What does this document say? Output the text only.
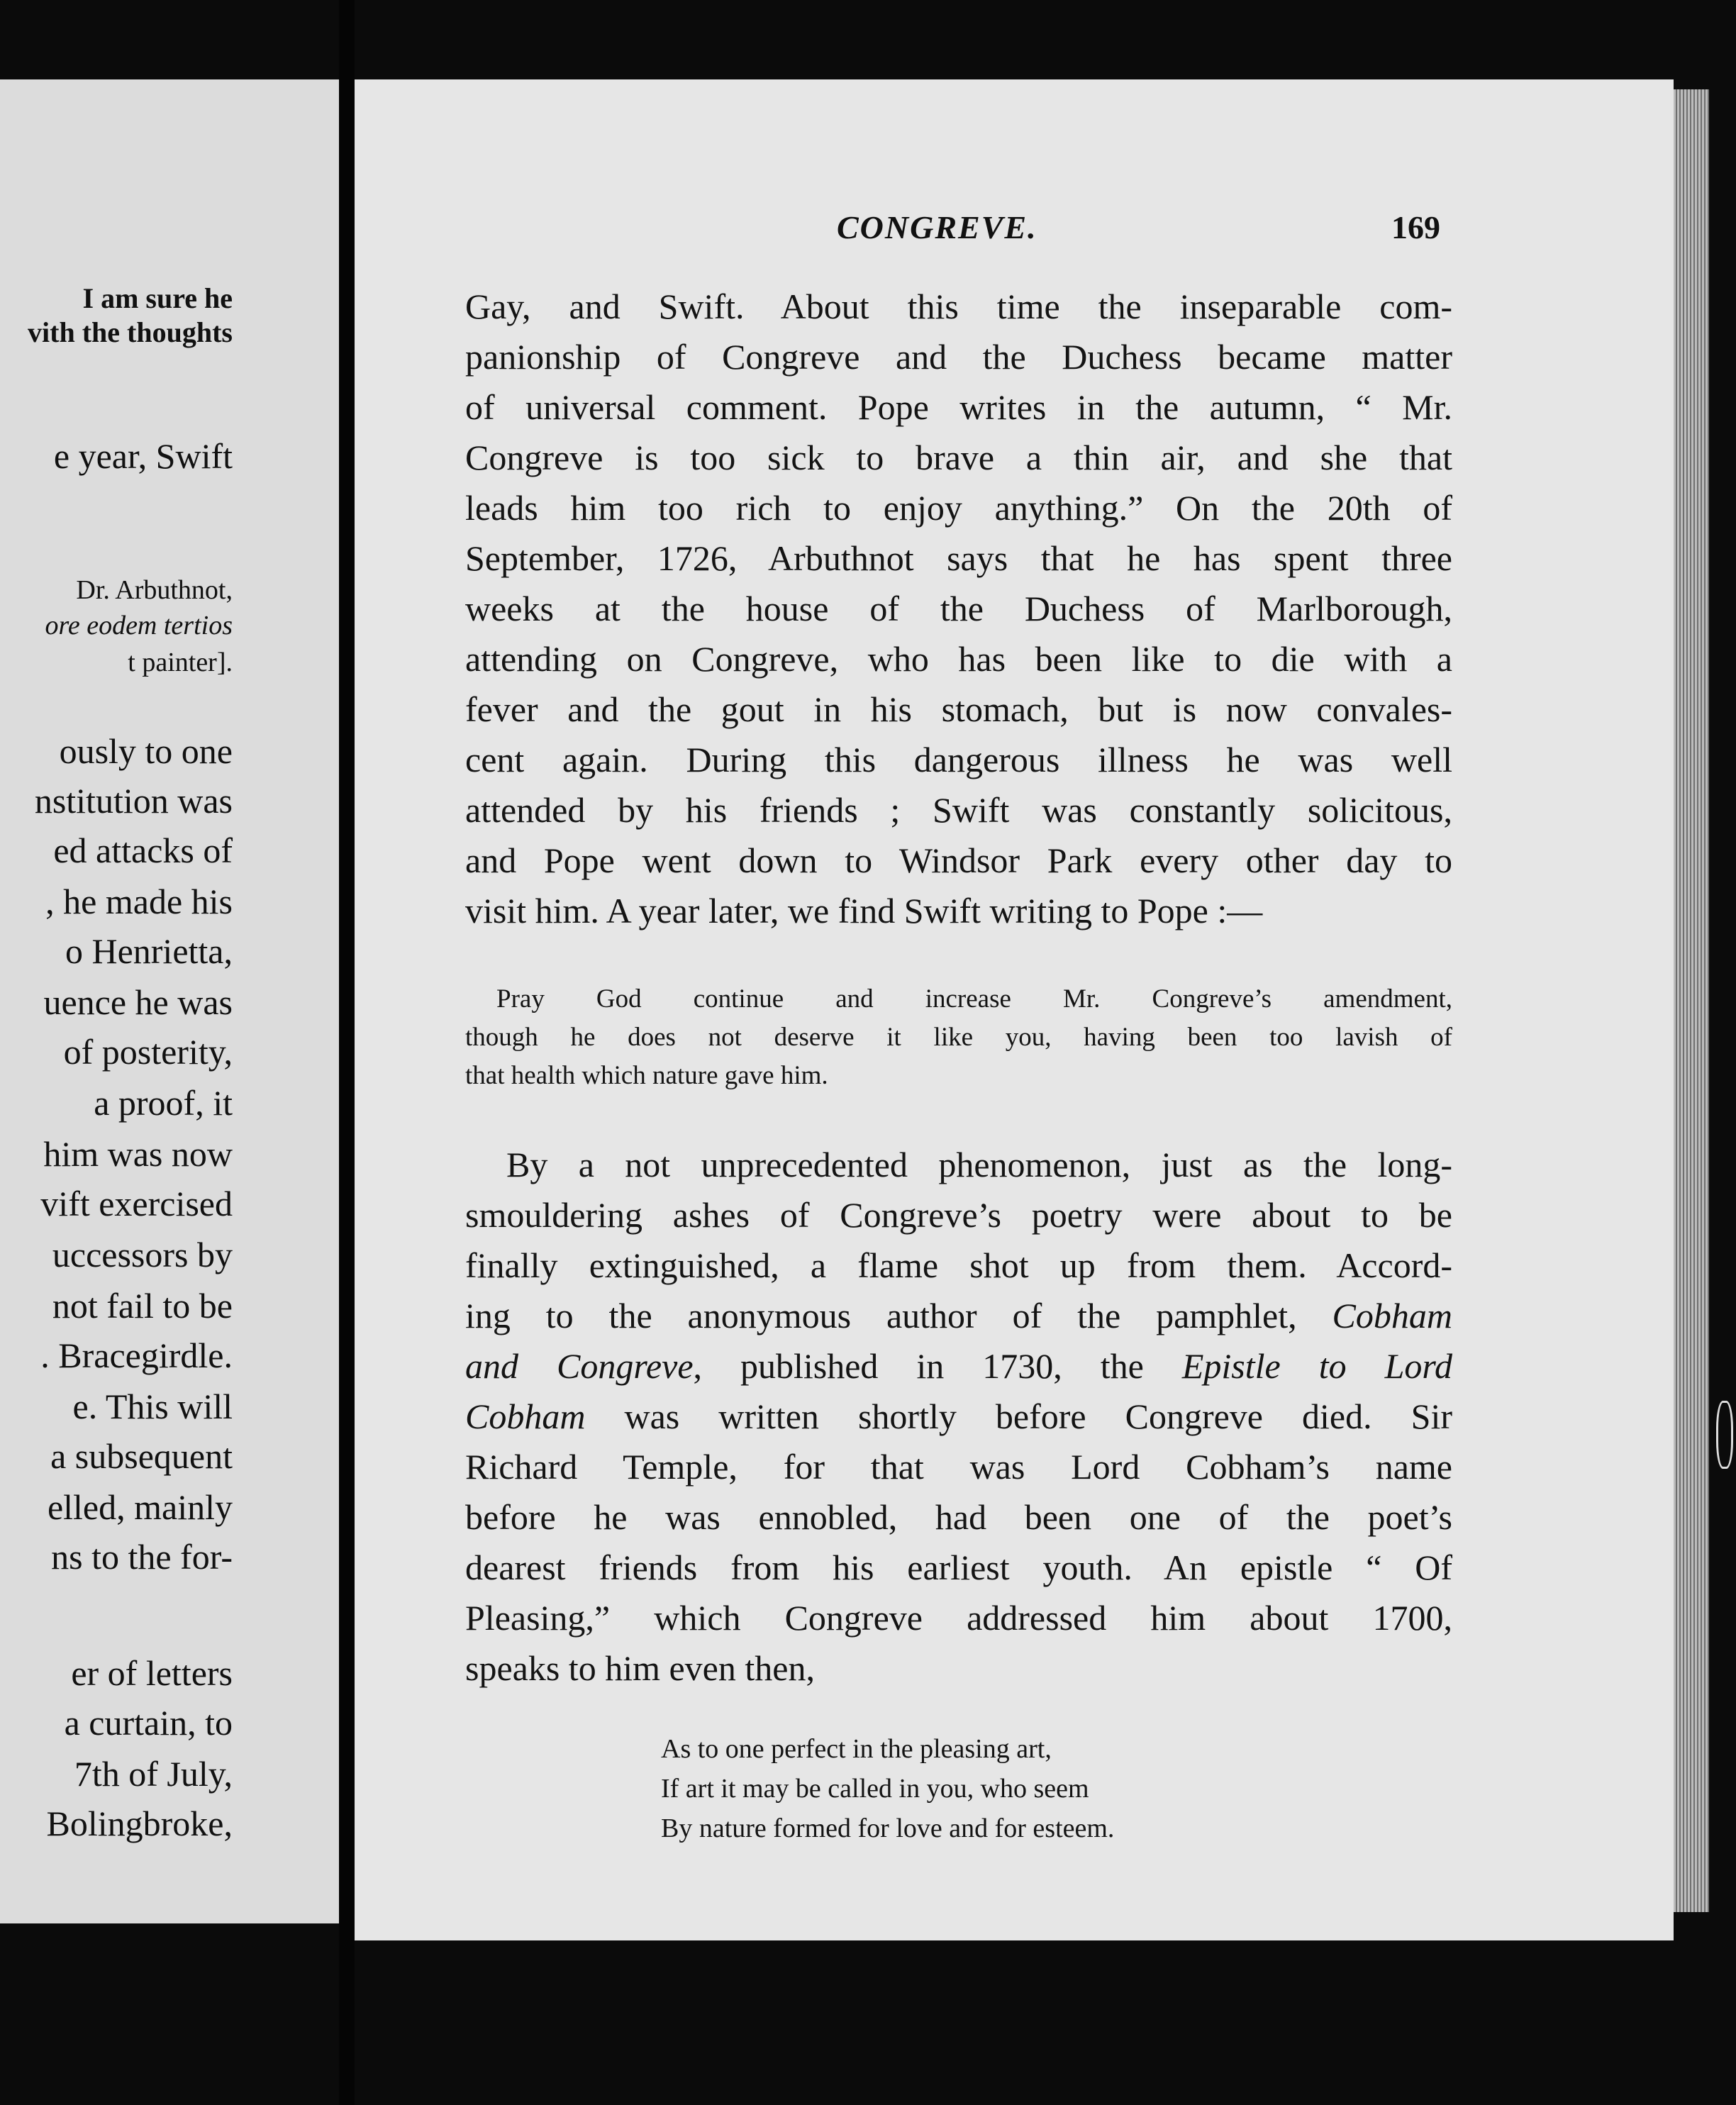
I am sure he
vith the thoughts
e year, Swift
Dr. Arbuthnot,
ore eodem tertios
t painter].
ously to one
nstitution was
ed attacks of
, he made his
o Henrietta,
uence he was
of posterity,
a proof, it
him was now
vift exercised
uccessors by
not fail to be
. Bracegirdle.
e. This will
a subsequent
elled, mainly
ns to the for-
er of letters
a curtain, to
7th of July,
Bolingbroke,
CONGREVE.	169
Gay, and Swift. About this time the inseparable com-
panionship of Congreve and the Duchess became matter
of universal comment. Pope writes in the autumn, “ Mr.
Congreve is too sick to brave a thin air, and she that
leads him too rich to enjoy anything.” On the 20th of
September, 1726, Arbuthnot says that he has spent three
weeks at the house of the Duchess of Marlborough,
attending on Congreve, who has been like to die with a
fever and the gout in his stomach, but is now convales-
cent again. During this dangerous illness he was well
attended by his friends ; Swift was constantly solicitous,
and Pope went down to Windsor Park every other day to
visit him. A year later, we find Swift writing to Pope :—
Pray God continue and increase Mr. Congreve’s amendment,
though he does not deserve it like you, having been too lavish of
that health which nature gave him.
By a not unprecedented phenomenon, just as the long-
smouldering ashes of Congreve’s poetry were about to be
finally extinguished, a flame shot up from them. Accord-
ing to the anonymous author of the pamphlet, Cobham
and Congreve, published in 1730, the Epistle to Lord
Cobham was written shortly before Congreve died. Sir
Richard Temple, for that was Lord Cobham’s name
before he was ennobled, had been one of the poet’s
dearest friends from his earliest youth. An epistle “ Of
Pleasing,” which Congreve addressed him about 1700,
speaks to him even then,
As to one perfect in the pleasing art,
If art it may be called in you, who seem
By nature formed for love and for esteem.
